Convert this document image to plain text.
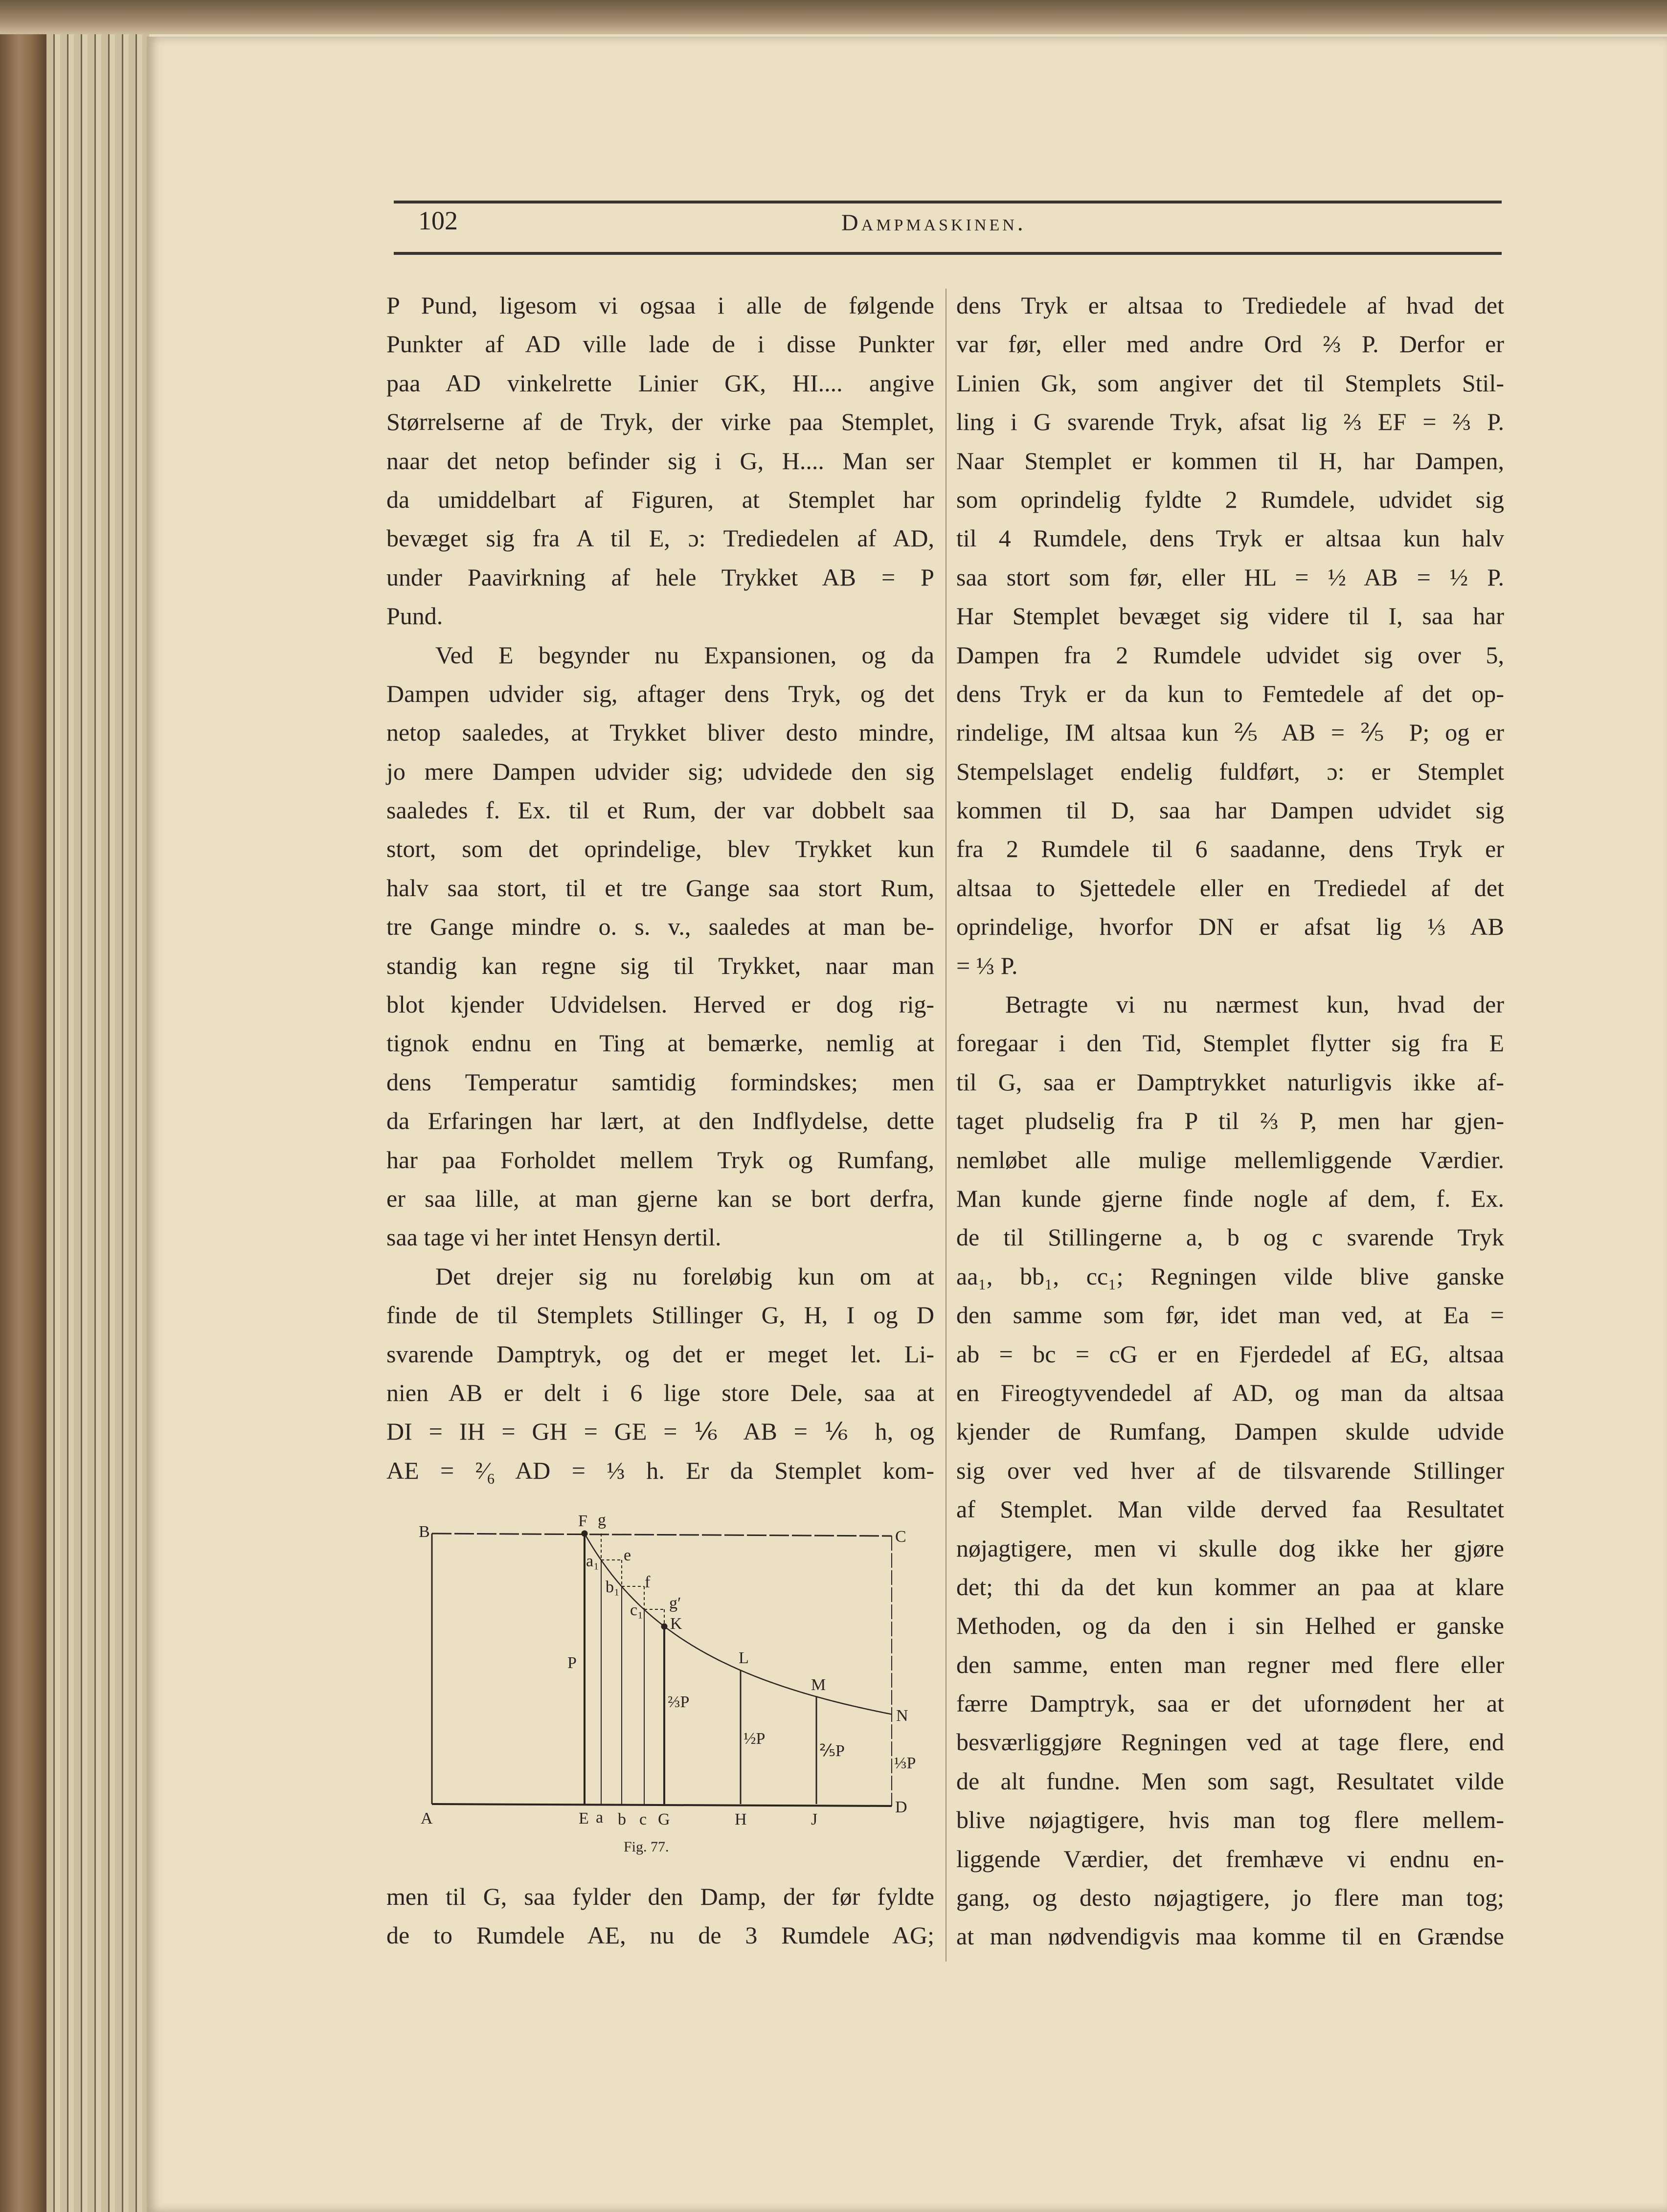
102	Dampmaskinen.
P Pund, ligesom vi ogsaa i alle de følgende
Punkter af AD ville lade de i disse Punkter
paa AD vinkelrette Linier GK, HI.... angive
Størrelserne af de Tryk, der virke paa Stemplet,
naar det netop befinder sig i G, H.... Man ser
da umiddelbart af Figuren, at Stemplet har
bevæget sig fra A til E, ɔ: Trediedelen af AD,
under Paavirkning af hele Trykket AB = P
Pund.
Ved E begynder nu Expansionen, og da
Dampen udvider sig, aftager dens Tryk, og det
netop saaledes, at Trykket bliver desto mindre,
jo mere Dampen udvider sig; udvidede den sig
saaledes f. Ex. til et Rum, der var dobbelt saa
stort, som det oprindelige, blev Trykket kun
halv saa stort, til et tre Gange saa stort Rum,
tre Gange mindre o. s. v., saaledes at man be-
standig kan regne sig til Trykket, naar man
blot kjender Udvidelsen. Herved er dog rig-
tignok endnu en Ting at bemærke, nemlig at
dens Temperatur samtidig formindskes; men
da Erfaringen har lært, at den Indflydelse, dette
har paa Forholdet mellem Tryk og Rumfang,
er saa lille, at man gjerne kan se bort derfra,
saa tage vi her intet Hensyn dertil.
Det drejer sig nu foreløbig kun om at
finde de til Stemplets Stillinger G, H, I og D
svarende Damptryk, og det er meget let. Li-
nien AB er delt i 6 lige store Dele, saa at
DI = IH = GH = GE = ⅙ AB = ⅙ h, og
AE = ²⁄₆ AD = ⅓ h. Er da Stemplet kom-
dens Tryk er altsaa to Trediedele af hvad det
var før, eller med andre Ord ⅔ P. Derfor er
Linien Gk, som angiver det til Stemplets Stil-
ling i G svarende Tryk, afsat lig ⅔ EF = ⅔ P.
Naar Stemplet er kommen til H, har Dampen,
som oprindelig fyldte 2 Rumdele, udvidet sig
til 4 Rumdele, dens Tryk er altsaa kun halv
saa stort som før, eller HL = ½ AB = ½ P.
Har Stemplet bevæget sig videre til I, saa har
Dampen fra 2 Rumdele udvidet sig over 5,
dens Tryk er da kun to Femtedele af det op-
rindelige, IM altsaa kun ⅖ AB = ⅖ P; og er
Stempelslaget endelig fuldført, ɔ: er Stemplet
kommen til D, saa har Dampen udvidet sig
fra 2 Rumdele til 6 saadanne, dens Tryk er
altsaa to Sjettedele eller en Trediedel af det
oprindelige, hvorfor DN er afsat lig ⅓ AB
= ⅓ P.
Betragte vi nu nærmest kun, hvad der
foregaar i den Tid, Stemplet flytter sig fra E
til G, saa er Damptrykket naturligvis ikke af-
taget pludselig fra P til ⅔ P, men har gjen-
nemløbet alle mulige mellemliggende Værdier.
Man kunde gjerne finde nogle af dem, f. Ex.
de til Stillingerne a, b og c svarende Tryk
aa₁, bb₁, cc₁; Regningen vilde blive ganske
den samme som før, idet man ved, at Ea =
ab = bc = cG er en Fjerdedel af EG, altsaa
en Fireogtyvendedel af AD, og man da altsaa
kjender de Rumfang, Dampen skulde udvide
sig over ved hver af de tilsvarende Stillinger
af Stemplet. Man vilde derved faa Resultatet
nøjagtigere, men vi skulle dog ikke her gjøre
det; thi da det kun kommer an paa at klare
Methoden, og da den i sin Helhed er ganske
den samme, enten man regner med flere eller
færre Damptryk, saa er det ufornødent her at
besværliggjøre Regningen ved at tage flere, end
de alt fundne. Men som sagt, Resultatet vilde
blive nøjagtigere, hvis man tog flere mellem-
liggende Værdier, det fremhæve vi endnu en-
gang, og desto nøjagtigere, jo flere man tog;
at man nødvendigvis maa komme til en Grændse
men til G, saa fylder den Damp, der før fyldte
de to Rumdele AE, nu de 3 Rumdele AG;
B	C
F g
e
a₁
f
b₁
g′
c₁
K
P	L
M
N
⅔P
½P
⅖P
⅓P
A	E a b c G	H	J
D
Fig. 77.
